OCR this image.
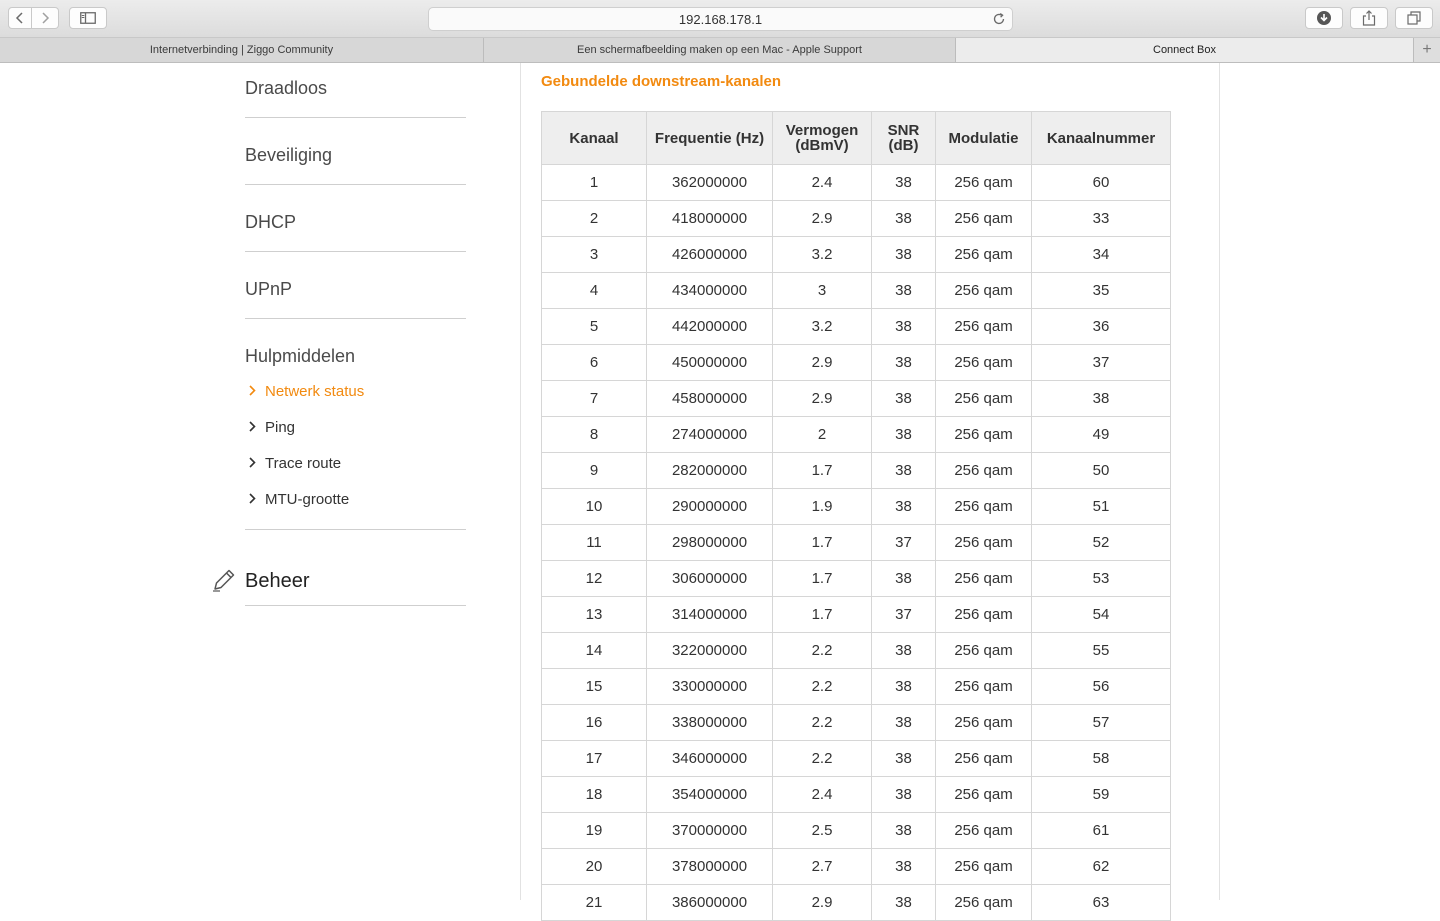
192.168.178.1
Internetverbinding | Ziggo Community	Een schermafbeelding maken op een Mac - Apple Support	Connect Box	+
Draadloos
Beveiliging
DHCP
UPnP
Hulpmiddelen
Netwerk status
Ping
Trace route
MTU-grootte
Beheer
Gebundelde downstream-kanalen
Kanaal	Frequentie (Hz)	Vermogen (dBmV)	SNR (dB)	Modulatie	Kanaalnummer
1	362000000	2.4	38	256 qam	60
2	418000000	2.9	38	256 qam	33
3	426000000	3.2	38	256 qam	34
4	434000000	3	38	256 qam	35
5	442000000	3.2	38	256 qam	36
6	450000000	2.9	38	256 qam	37
7	458000000	2.9	38	256 qam	38
8	274000000	2	38	256 qam	49
9	282000000	1.7	38	256 qam	50
10	290000000	1.9	38	256 qam	51
11	298000000	1.7	37	256 qam	52
12	306000000	1.7	38	256 qam	53
13	314000000	1.7	37	256 qam	54
14	322000000	2.2	38	256 qam	55
15	330000000	2.2	38	256 qam	56
16	338000000	2.2	38	256 qam	57
17	346000000	2.2	38	256 qam	58
18	354000000	2.4	38	256 qam	59
19	370000000	2.5	38	256 qam	61
20	378000000	2.7	38	256 qam	62
21	386000000	2.9	38	256 qam	63
